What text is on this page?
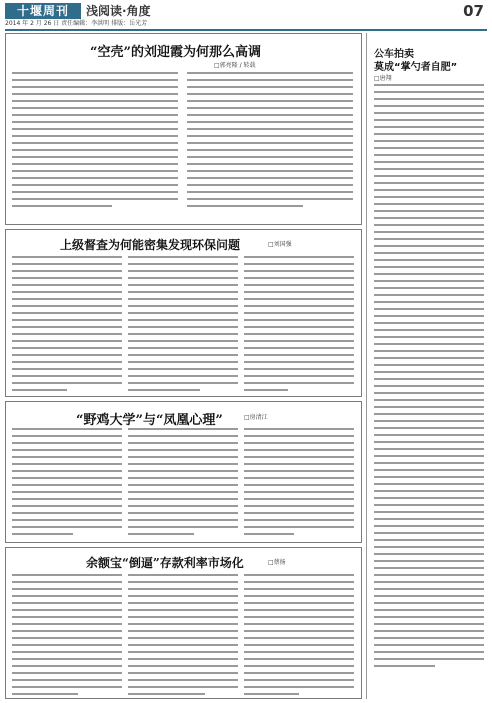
十堰周刊	浅阅读·角度	07
2014 年 2 月 26 日 责任编辑：李洪明 排版：岳光芳
“空壳”的刘迎霞为何那么高调
□郭亮隆 / 转载
上级督查为何能密集发现环保问题	□刘国强
“野鸡大学”与“凤凰心理”	□房清江
余额宝“倒逼”存款利率市场化	□蔡扬
公车拍卖
莫成“掌勺者自肥”
□唐翔
